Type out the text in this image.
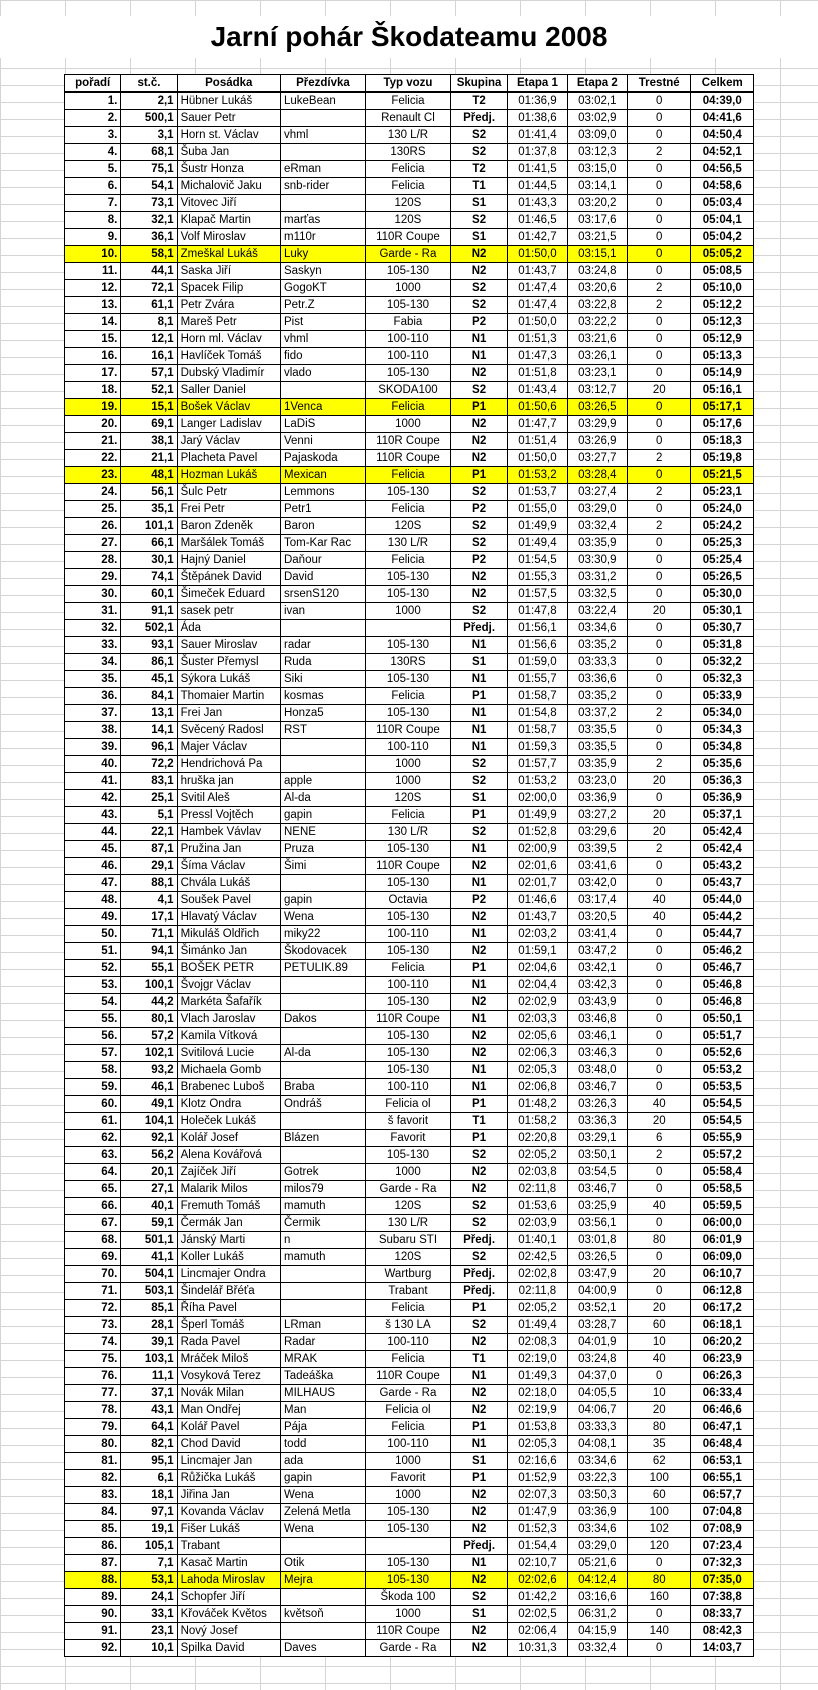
Jarní pohár Škodateamu 2008
pořadí	st.č.	Posádka	Přezdívka	Typ vozu	Skupina	Etapa 1	Etapa 2	Trestné	Celkem
1.	2,1	Hübner Lukáš	LukeBean	Felicia	T2	01:36,9	03:02,1	0	04:39,0
2.	500,1	Sauer Petr		Renault Cl	Předj.	01:38,6	03:02,9	0	04:41,6
3.	3,1	Horn st. Václav	vhml	130 L/R	S2	01:41,4	03:09,0	0	04:50,4
4.	68,1	Šuba Jan		130RS	S2	01:37,8	03:12,3	2	04:52,1
5.	75,1	Šustr Honza	eRman	Felicia	T2	01:41,5	03:15,0	0	04:56,5
6.	54,1	Michalovič Jaku	snb-rider	Felicia	T1	01:44,5	03:14,1	0	04:58,6
7.	73,1	Vitovec Jiří		120S	S1	01:43,3	03:20,2	0	05:03,4
8.	32,1	Klapač Martin	marťas	120S	S2	01:46,5	03:17,6	0	05:04,1
9.	36,1	Volf Miroslav	m110r	110R Coupe	S1	01:42,7	03:21,5	0	05:04,2
10.	58,1	Zmeškal Lukáš	Luky	Garde - Ra	N2	01:50,0	03:15,1	0	05:05,2
11.	44,1	Saska Jiří	Saskyn	105-130	N2	01:43,7	03:24,8	0	05:08,5
12.	72,1	Spacek Filip	GogoKT	1000	S2	01:47,4	03:20,6	2	05:10,0
13.	61,1	Petr Zvára	Petr.Z	105-130	S2	01:47,4	03:22,8	2	05:12,2
14.	8,1	Mareš Petr	Pist	Fabia	P2	01:50,0	03:22,2	0	05:12,3
15.	12,1	Horn ml. Václav	vhml	100-110	N1	01:51,3	03:21,6	0	05:12,9
16.	16,1	Havlíček Tomáš	fido	100-110	N1	01:47,3	03:26,1	0	05:13,3
17.	57,1	Dubský Vladimír	vlado	105-130	N2	01:51,8	03:23,1	0	05:14,9
18.	52,1	Saller Daniel		SKODA100	S2	01:43,4	03:12,7	20	05:16,1
19.	15,1	Bošek Václav	1Venca	Felicia	P1	01:50,6	03:26,5	0	05:17,1
20.	69,1	Langer Ladislav	LaDiS	1000	N2	01:47,7	03:29,9	0	05:17,6
21.	38,1	Jarý Václav	Venni	110R Coupe	N2	01:51,4	03:26,9	0	05:18,3
22.	21,1	Placheta Pavel	Pajaskoda	110R Coupe	N2	01:50,0	03:27,7	2	05:19,8
23.	48,1	Hozman Lukáš	Mexican	Felicia	P1	01:53,2	03:28,4	0	05:21,5
24.	56,1	Šulc Petr	Lemmons	105-130	S2	01:53,7	03:27,4	2	05:23,1
25.	35,1	Frei Petr	Petr1	Felicia	P2	01:55,0	03:29,0	0	05:24,0
26.	101,1	Baron Zdeněk	Baron	120S	S2	01:49,9	03:32,4	2	05:24,2
27.	66,1	Maršálek Tomáš	Tom-Kar Rac	130 L/R	S2	01:49,4	03:35,9	0	05:25,3
28.	30,1	Hajný Daniel	Daňour	Felicia	P2	01:54,5	03:30,9	0	05:25,4
29.	74,1	Štěpánek David	David	105-130	N2	01:55,3	03:31,2	0	05:26,5
30.	60,1	Šimeček Eduard	srsenS120	105-130	N2	01:57,5	03:32,5	0	05:30,0
31.	91,1	sasek petr	ivan	1000	S2	01:47,8	03:22,4	20	05:30,1
32.	502,1	Áda			Předj.	01:56,1	03:34,6	0	05:30,7
33.	93,1	Sauer Miroslav	radar	105-130	N1	01:56,6	03:35,2	0	05:31,8
34.	86,1	Šuster Přemysl	Ruda	130RS	S1	01:59,0	03:33,3	0	05:32,2
35.	45,1	Sýkora Lukáš	Siki	105-130	N1	01:55,7	03:36,6	0	05:32,3
36.	84,1	Thomaier Martin	kosmas	Felicia	P1	01:58,7	03:35,2	0	05:33,9
37.	13,1	Frei Jan	Honza5	105-130	N1	01:54,8	03:37,2	2	05:34,0
38.	14,1	Svěcený Radosl	RST	110R Coupe	N1	01:58,7	03:35,5	0	05:34,3
39.	96,1	Majer Václav		100-110	N1	01:59,3	03:35,5	0	05:34,8
40.	72,2	Hendrichová Pa		1000	S2	01:57,7	03:35,9	2	05:35,6
41.	83,1	hruška jan	apple	1000	S2	01:53,2	03:23,0	20	05:36,3
42.	25,1	Svitil Aleš	Al-da	120S	S1	02:00,0	03:36,9	0	05:36,9
43.	5,1	Pressl Vojtěch	gapin	Felicia	P1	01:49,9	03:27,2	20	05:37,1
44.	22,1	Hambek Vávlav	NENE	130 L/R	S2	01:52,8	03:29,6	20	05:42,4
45.	87,1	Pružina Jan	Pruza	105-130	N1	02:00,9	03:39,5	2	05:42,4
46.	29,1	Šíma Václav	Šimi	110R Coupe	N2	02:01,6	03:41,6	0	05:43,2
47.	88,1	Chvála Lukáš		105-130	N1	02:01,7	03:42,0	0	05:43,7
48.	4,1	Soušek Pavel	gapin	Octavia	P2	01:46,6	03:17,4	40	05:44,0
49.	17,1	Hlavatý Václav	Wena	105-130	N2	01:43,7	03:20,5	40	05:44,2
50.	71,1	Mikuláš Oldřich	miky22	100-110	N1	02:03,2	03:41,4	0	05:44,7
51.	94,1	Šimánko Jan	Škodovacek	105-130	N2	01:59,1	03:47,2	0	05:46,2
52.	55,1	BOŠEK PETR	PETULIK.89	Felicia	P1	02:04,6	03:42,1	0	05:46,7
53.	100,1	Švojgr Václav		100-110	N1	02:04,4	03:42,3	0	05:46,8
54.	44,2	Markéta Šafařík		105-130	N2	02:02,9	03:43,9	0	05:46,8
55.	80,1	Vlach Jaroslav	Dakos	110R Coupe	N1	02:03,3	03:46,8	0	05:50,1
56.	57,2	Kamila Vítková		105-130	N2	02:05,6	03:46,1	0	05:51,7
57.	102,1	Svitilová Lucie	Al-da	105-130	N2	02:06,3	03:46,3	0	05:52,6
58.	93,2	Michaela Gomb		105-130	N1	02:05,3	03:48,0	0	05:53,2
59.	46,1	Brabenec Luboš	Braba	100-110	N1	02:06,8	03:46,7	0	05:53,5
60.	49,1	Klotz Ondra	Ondráš	Felicia ol	P1	01:48,2	03:26,3	40	05:54,5
61.	104,1	Holeček Lukáš		š favorit	T1	01:58,2	03:36,3	20	05:54,5
62.	92,1	Kolář Josef	Blázen	Favorit	P1	02:20,8	03:29,1	6	05:55,9
63.	56,2	Alena Kovářová		105-130	S2	02:05,2	03:50,1	2	05:57,2
64.	20,1	Zajíček Jiří	Gotrek	1000	N2	02:03,8	03:54,5	0	05:58,4
65.	27,1	Malarik Milos	milos79	Garde - Ra	N2	02:11,8	03:46,7	0	05:58,5
66.	40,1	Fremuth Tomáš	mamuth	120S	S2	01:53,6	03:25,9	40	05:59,5
67.	59,1	Čermák Jan	Čermik	130 L/R	S2	02:03,9	03:56,1	0	06:00,0
68.	501,1	Jánský Marti	n	Subaru STI	Předj.	01:40,1	03:01,8	80	06:01,9
69.	41,1	Koller Lukáš	mamuth	120S	S2	02:42,5	03:26,5	0	06:09,0
70.	504,1	Lincmajer Ondra		Wartburg	Předj.	02:02,8	03:47,9	20	06:10,7
71.	503,1	Šindelář Břéťa		Trabant	Předj.	02:11,8	04:00,9	0	06:12,8
72.	85,1	Říha Pavel		Felicia	P1	02:05,2	03:52,1	20	06:17,2
73.	28,1	Šperl Tomáš	LRman	š 130 LA	S2	01:49,4	03:28,7	60	06:18,1
74.	39,1	Rada Pavel	Radar	100-110	N2	02:08,3	04:01,9	10	06:20,2
75.	103,1	Mráček Miloš	MRAK	Felicia	T1	02:19,0	03:24,8	40	06:23,9
76.	11,1	Vosyková Terez	Tadeáška	110R Coupe	N1	01:49,3	04:37,0	0	06:26,3
77.	37,1	Novák Milan	MILHAUS	Garde - Ra	N2	02:18,0	04:05,5	10	06:33,4
78.	43,1	Man Ondřej	Man	Felicia ol	N2	02:19,9	04:06,7	20	06:46,6
79.	64,1	Kolář Pavel	Pája	Felicia	P1	01:53,8	03:33,3	80	06:47,1
80.	82,1	Chod David	todd	100-110	N1	02:05,3	04:08,1	35	06:48,4
81.	95,1	Lincmajer Jan	ada	1000	S1	02:16,6	03:34,6	62	06:53,1
82.	6,1	Růžička Lukáš	gapin	Favorit	P1	01:52,9	03:22,3	100	06:55,1
83.	18,1	Jiřina Jan	Wena	1000	N2	02:07,3	03:50,3	60	06:57,7
84.	97,1	Kovanda Václav	Zelená Metla	105-130	N2	01:47,9	03:36,9	100	07:04,8
85.	19,1	Fišer Lukáš	Wena	105-130	N2	01:52,3	03:34,6	102	07:08,9
86.	105,1	Trabant			Předj.	01:54,4	03:29,0	120	07:23,4
87.	7,1	Kasač Martin	Otik	105-130	N1	02:10,7	05:21,6	0	07:32,3
88.	53,1	Lahoda Miroslav	Mejra	105-130	N2	02:02,6	04:12,4	80	07:35,0
89.	24,1	Schopfer Jiří		Škoda 100	S2	01:42,2	03:16,6	160	07:38,8
90.	33,1	Křováček Květos	květsoň	1000	S1	02:02,5	06:31,2	0	08:33,7
91.	23,1	Nový Josef		110R Coupe	N2	02:06,4	04:15,9	140	08:42,3
92.	10,1	Spilka David	Daves	Garde - Ra	N2	10:31,3	03:32,4	0	14:03,7
